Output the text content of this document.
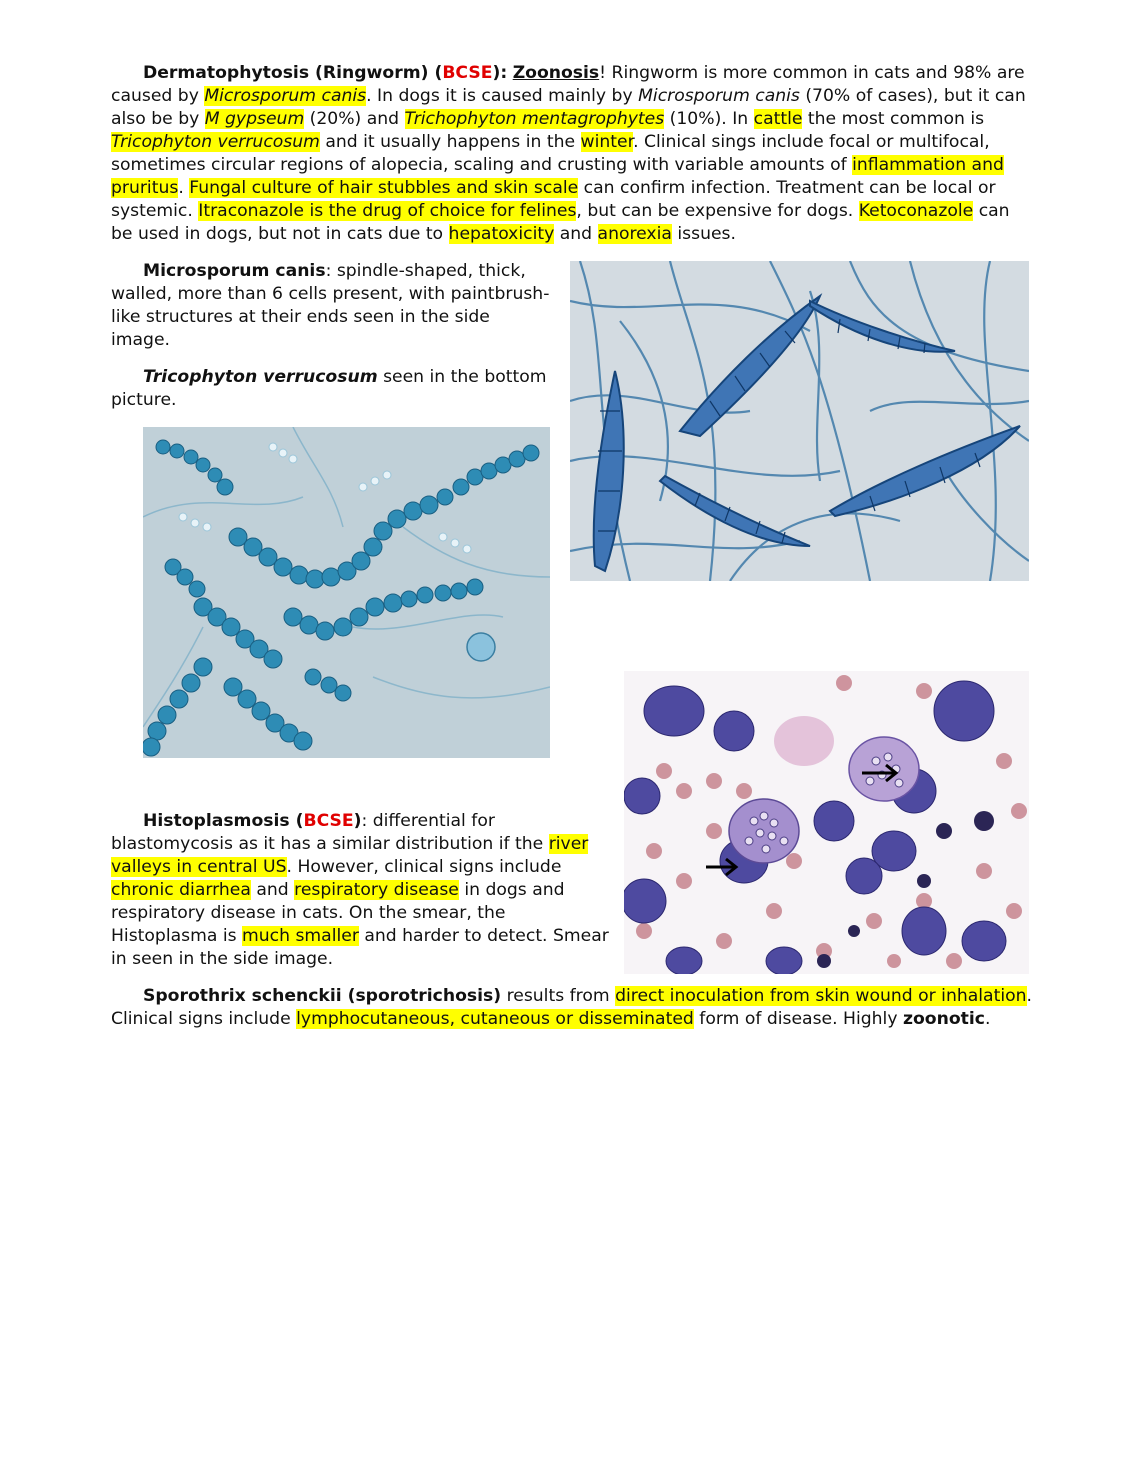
Dermatophytosis (Ringworm) (BCSE): Zoonosis! Ringworm is more common in cats and 98% are caused by Microsporum canis. In dogs it is caused mainly by Microsporum canis (70% of cases), but it can also be by M gypseum (20%) and Trichophyton mentagrophytes (10%). In cattle the most common is Tricophyton verrucosum and it usually happens in the winter. Clinical sings include focal or multifocal, sometimes circular regions of alopecia, scaling and crusting with variable amounts of inflammation and pruritus. Fungal culture of hair stubbles and skin scale can confirm infection. Treatment can be local or systemic. Itraconazole is the drug of choice for felines, but can be expensive for dogs. Ketoconazole can be used in dogs, but not in cats due to hepatoxicity and anorexia issues.

Microsporum canis: spindle-shaped, thick, walled, more than 6 cells present, with paintbrush-like structures at their ends seen in the side image.

Tricophyton verrucosum seen in the bottom picture.

Histoplasmosis (BCSE): differential for blastomycosis as it has a similar distribution if the river valleys in central US. However, clinical signs include chronic diarrhea and respiratory disease in dogs and respiratory disease in cats. On the smear, the Histoplasma is much smaller and harder to detect. Smear in seen in the side image.

Sporothrix schenckii (sporotrichosis) results from direct inoculation from skin wound or inhalation. Clinical signs include lymphocutaneous, cutaneous or disseminated form of disease. Highly zoonotic.
